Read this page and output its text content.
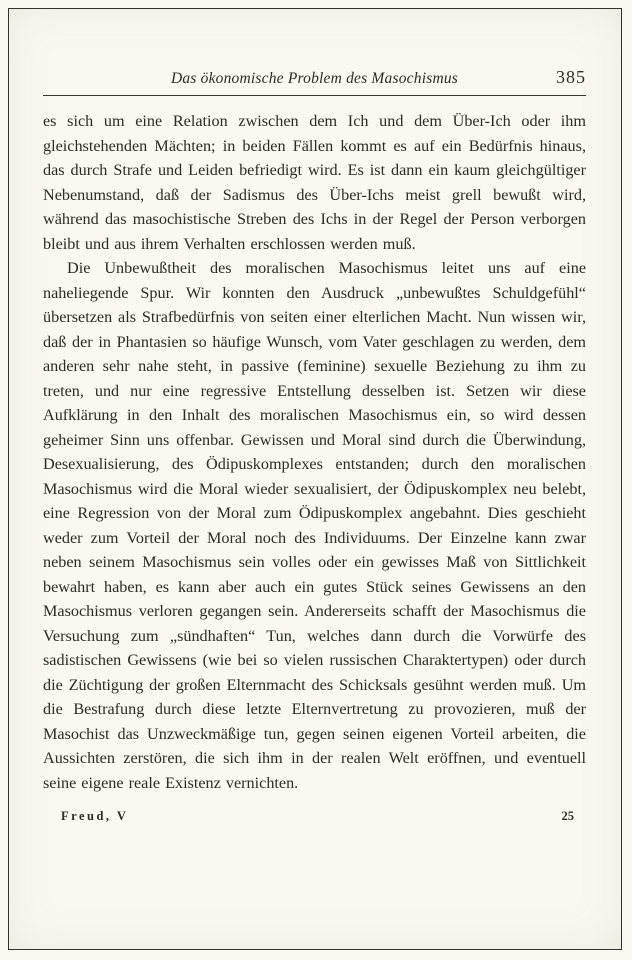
Das ökonomische Problem des Masochismus	385

es sich um eine Relation zwischen dem Ich und dem Über-Ich oder ihm gleichstehenden Mächten; in beiden Fällen kommt es auf ein Bedürfnis hinaus, das durch Strafe und Leiden befriedigt wird. Es ist dann ein kaum gleichgültiger Nebenumstand, daß der Sadismus des Über-Ichs meist grell bewußt wird, während das masochistische Streben des Ichs in der Regel der Person verborgen bleibt und aus ihrem Verhalten erschlossen werden muß.

Die Unbewußtheit des moralischen Masochismus leitet uns auf eine naheliegende Spur. Wir konnten den Ausdruck „unbewußtes Schuldgefühl“ übersetzen als Strafbedürfnis von seiten einer elterlichen Macht. Nun wissen wir, daß der in Phantasien so häufige Wunsch, vom Vater geschlagen zu werden, dem anderen sehr nahe steht, in passive (feminine) sexuelle Beziehung zu ihm zu treten, und nur eine regressive Entstellung desselben ist. Setzen wir diese Aufklärung in den Inhalt des moralischen Masochismus ein, so wird dessen geheimer Sinn uns offenbar. Gewissen und Moral sind durch die Überwindung, Desexualisierung, des Ödipuskomplexes entstanden; durch den moralischen Masochismus wird die Moral wieder sexualisiert, der Ödipuskomplex neu belebt, eine Regression von der Moral zum Ödipuskomplex angebahnt. Dies geschieht weder zum Vorteil der Moral noch des Individuums. Der Einzelne kann zwar neben seinem Masochismus sein volles oder ein gewisses Maß von Sittlichkeit bewahrt haben, es kann aber auch ein gutes Stück seines Gewissens an den Masochismus verloren gegangen sein. Andererseits schafft der Masochismus die Versuchung zum „sündhaften“ Tun, welches dann durch die Vorwürfe des sadistischen Gewissens (wie bei so vielen russischen Charaktertypen) oder durch die Züchtigung der großen Elternmacht des Schicksals gesühnt werden muß. Um die Bestrafung durch diese letzte Elternvertretung zu provozieren, muß der Masochist das Unzweckmäßige tun, gegen seinen eigenen Vorteil arbeiten, die Aussichten zerstören, die sich ihm in der realen Welt eröffnen, und eventuell seine eigene reale Existenz vernichten.

Freud, V	25
